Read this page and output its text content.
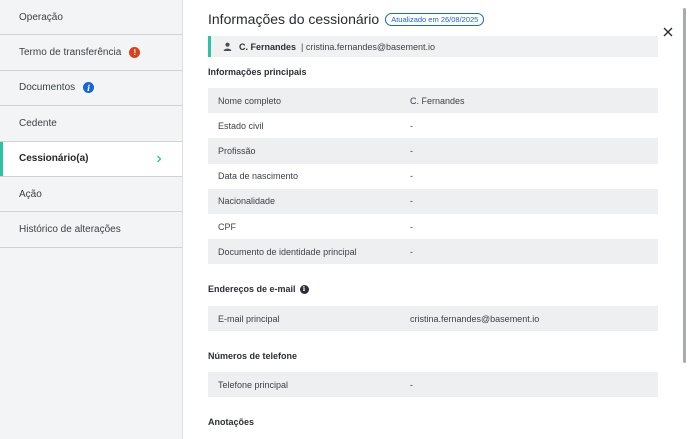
Operação
Termo de transferência	!
Documentos	i
Cedente
Cessionário(a)
Ação
Histórico de alterações
Informações do cessionário	Atualizado em 26/08/2025
C. Fernandes | cristina.fernandes@basement.io
Informações principais
Nome completo	C. Fernandes
Estado civil	-
Profissão	-
Data de nascimento	-
Nacionalidade	-
CPF	-
Documento de identidade principal	-
Endereços de e-mail	i
E-mail principal	cristina.fernandes@basement.io
Números de telefone
Telefone principal	-
Anotações
